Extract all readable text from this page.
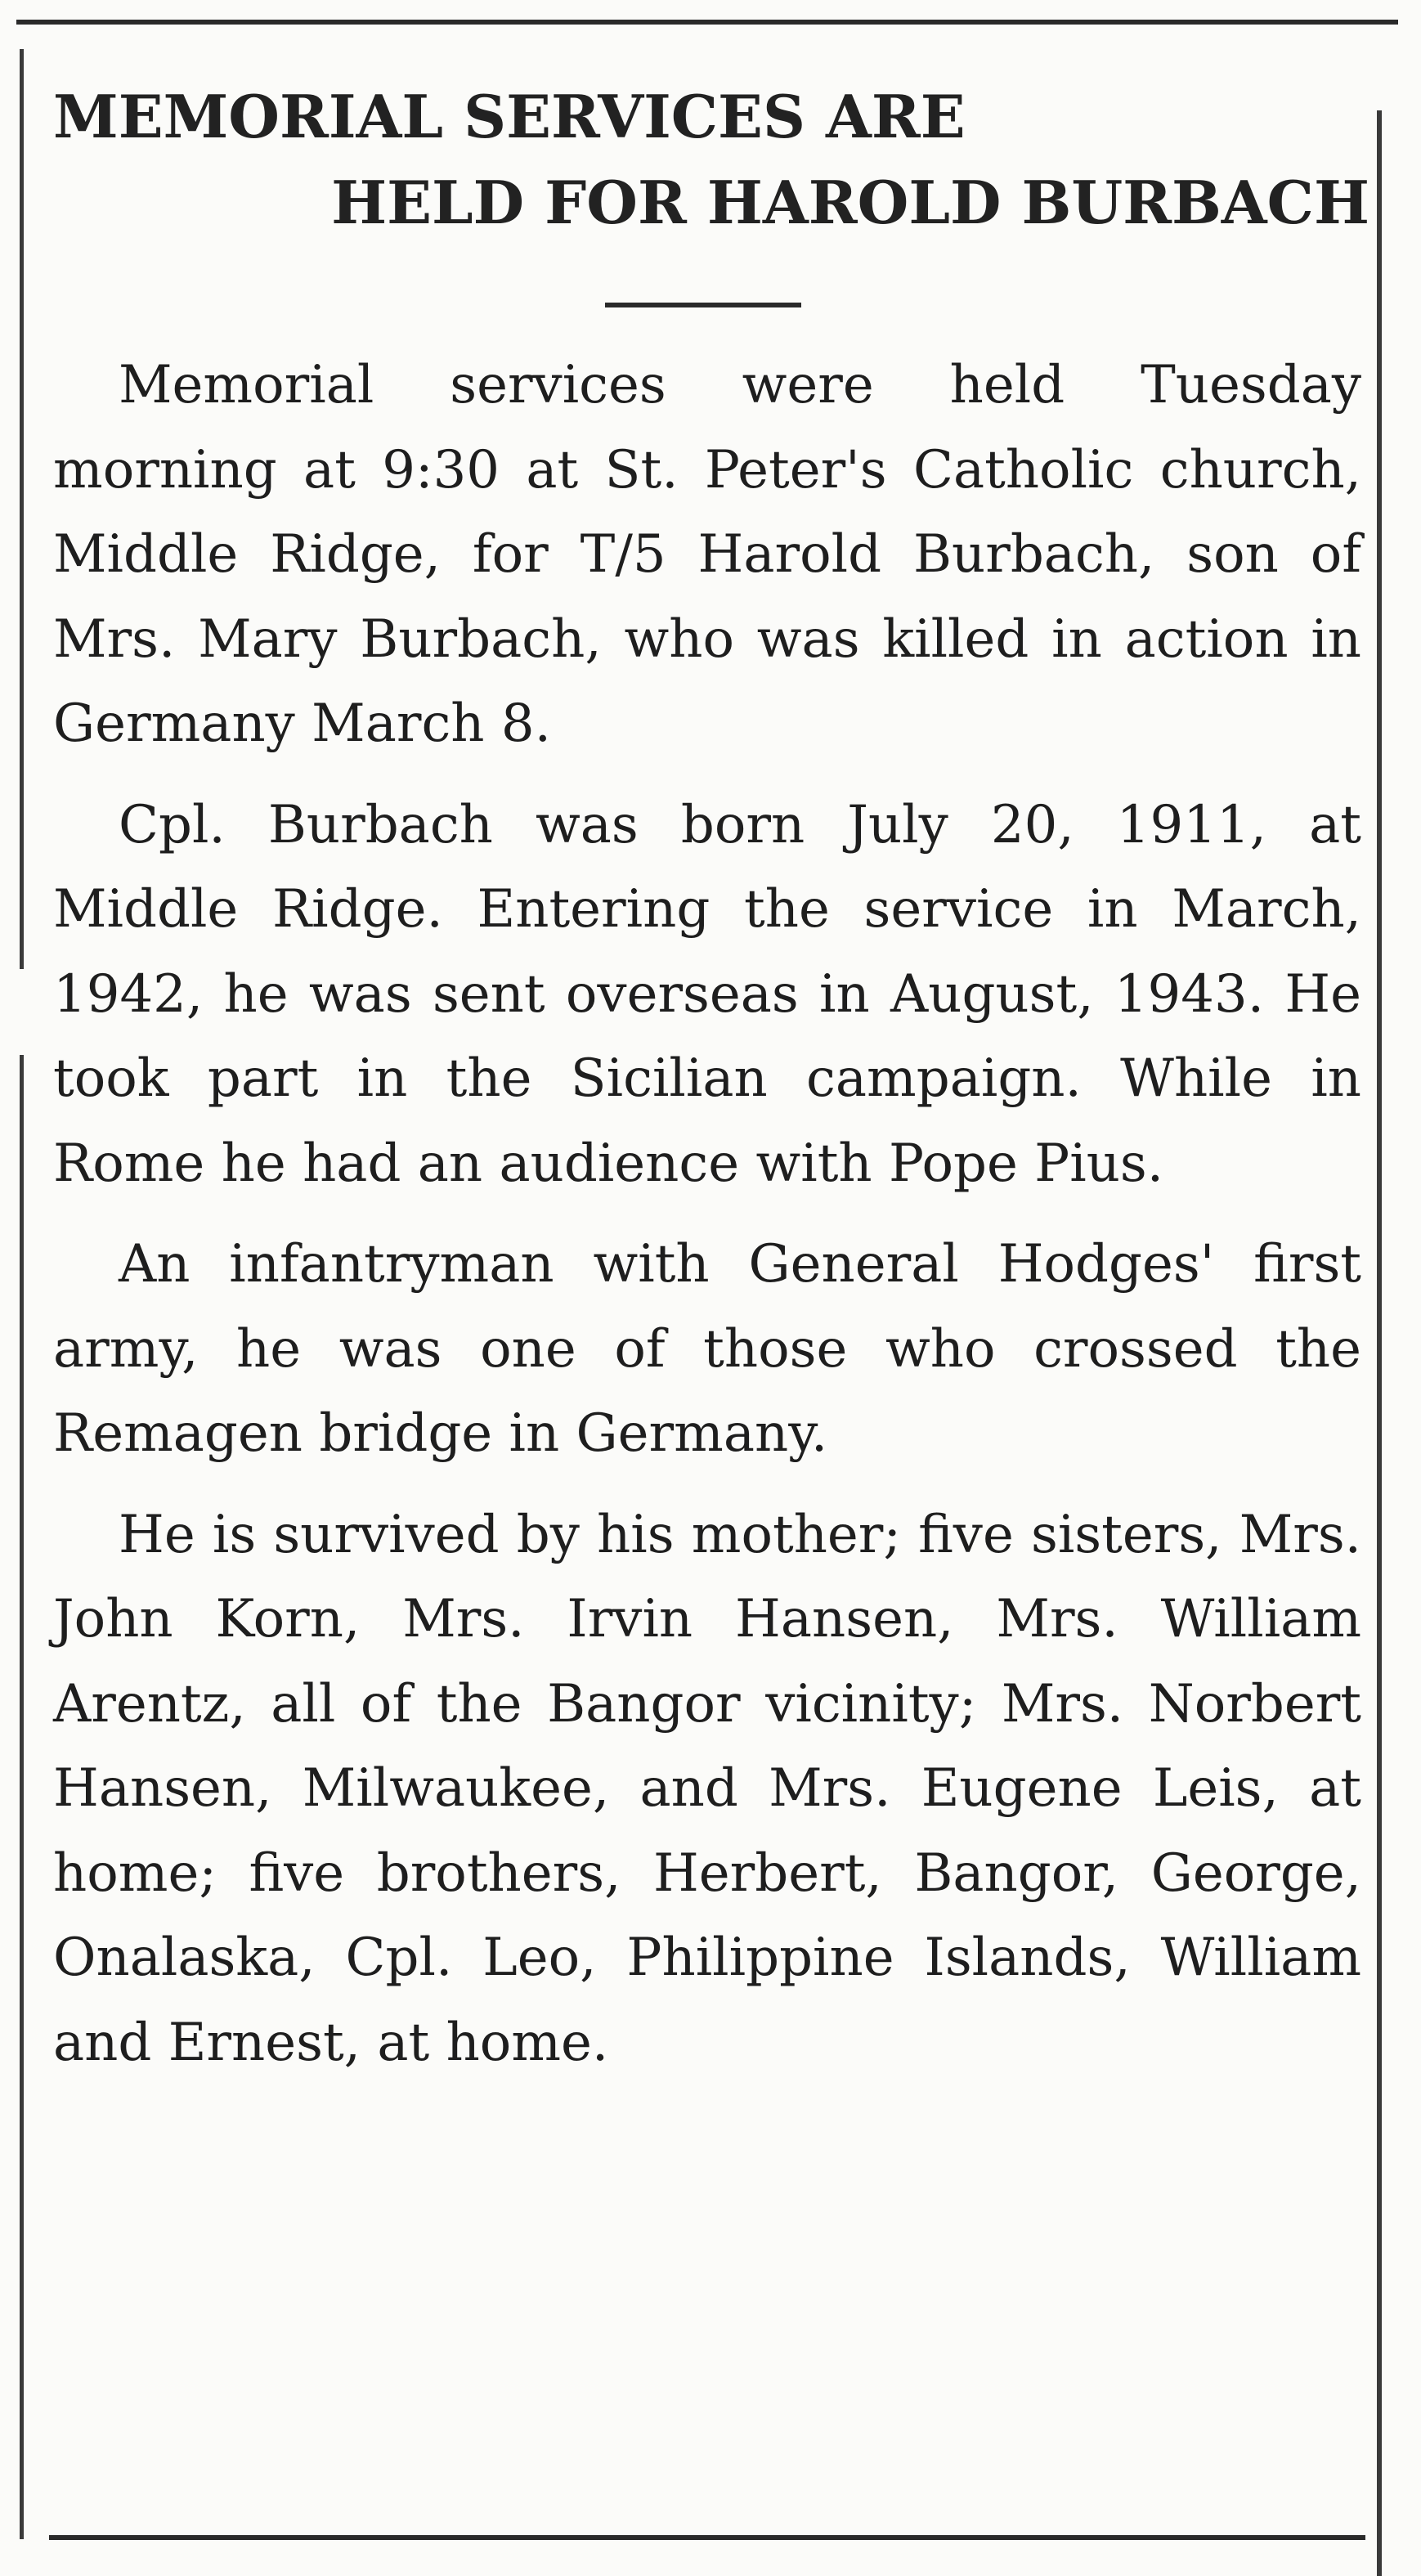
MEMORIAL SERVICES ARE
HELD FOR HAROLD BURBACH

Memorial services were held Tuesday morning at 9:30 at St. Peter's Catholic church, Middle Ridge, for T/5 Harold Burbach, son of Mrs. Mary Burbach, who was killed in action in Germany March 8.

Cpl. Burbach was born July 20, 1911, at Middle Ridge. Entering the service in March, 1942, he was sent overseas in August, 1943. He took part in the Sicilian campaign. While in Rome he had an audience with Pope Pius.

An infantryman with General Hodges' first army, he was one of those who crossed the Remagen bridge in Germany.

He is survived by his mother; five sisters, Mrs. John Korn, Mrs. Irvin Hansen, Mrs. William Arentz, all of the Bangor vicinity; Mrs. Norbert Hansen, Milwaukee, and Mrs. Eugene Leis, at home; five brothers, Herbert, Bangor, George, Onalaska, Cpl. Leo, Philippine Islands, William and Ernest, at home.
